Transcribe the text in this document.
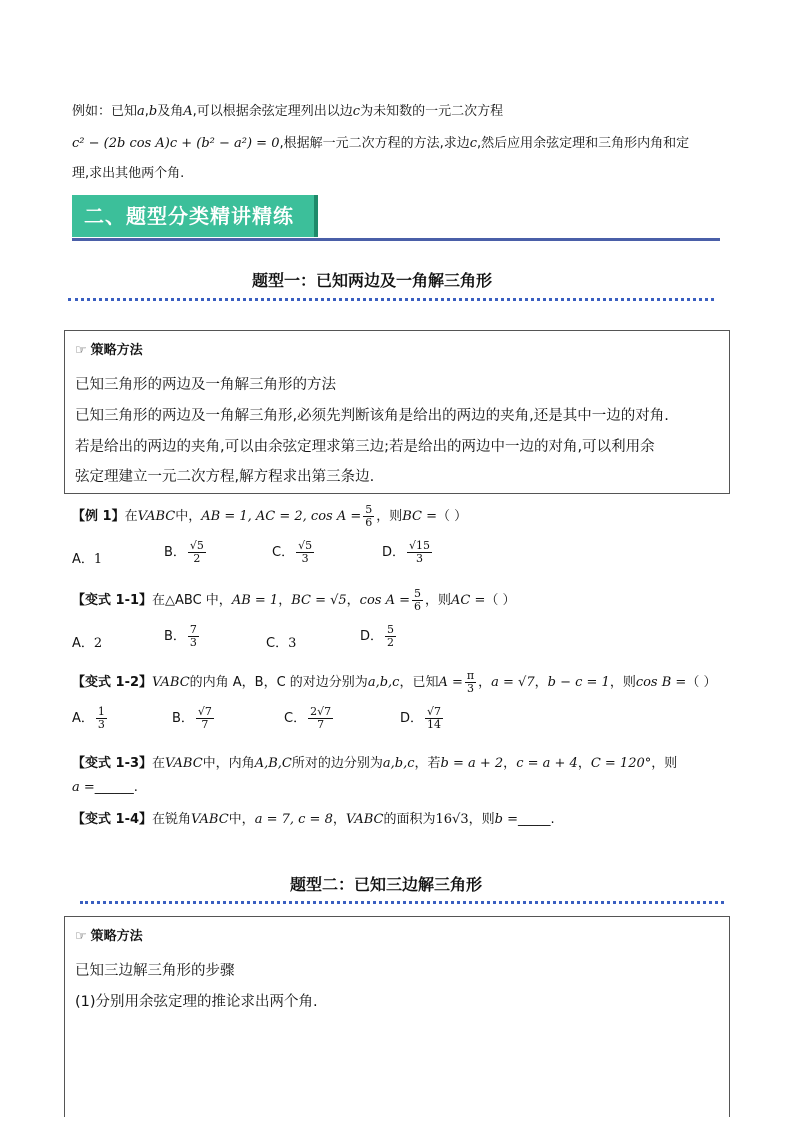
例如：已知a,b及角A,可以根据余弦定理列出以边c为未知数的一元二次方程
c² − (2b cos A)c + (b² − a²) = 0,根据解一元二次方程的方法,求边c,然后应用余弦定理和三角形内角和定
理,求出其他两个角.
二、题型分类精讲精练
题型一：已知两边及一角解三角形
☞ 策略方法
已知三角形的两边及一角解三角形的方法
已知三角形的两边及一角解三角形,必须先判断该角是给出的两边的夹角,还是其中一边的对角.
若是给出的两边的夹角,可以由余弦定理求第三边;若是给出的两边中一边的对角,可以利用余
弦定理建立一元二次方程,解方程求出第三条边.
【例 1】在VABC中，AB = 1, AC = 2, $\cos A = \frac{5}{6}$ ，则BC =（ ）
A．1	B． $\frac{√5}{2}$	C． $\frac{√5}{3}$	D． $\frac{√15}{3}$
【变式 1-1】在△ABC 中，AB = 1，BC = √5，$\cos A = \frac{5}{6}$ ，则AC =（ ）
A．2	B． $\frac{7}{3}$	C．3	D． $\frac{5}{2}$
【变式 1-2】VABC的内角 A，B，C 的对边分别为a,b,c，已知$A = \frac{\pi}{3}$ ，a = √7，b − c = 1，则cos B =（ ）
A． $\frac{1}{3}$	B． $\frac{√7}{7}$	C． $\frac{2√7}{7}$	D． $\frac{√7}{14}$
【变式 1-3】在VABC中，内角A,B,C所对的边分别为a,b,c，若b = a + 2，c = a + 4，C = 120°，则
a =______.
【变式 1-4】在锐角VABC中，a = 7, c = 8，VABC的面积为16√3，则b =_____.
题型二：已知三边解三角形
☞ 策略方法
已知三边解三角形的步骤
(1)分别用余弦定理的推论求出两个角.
